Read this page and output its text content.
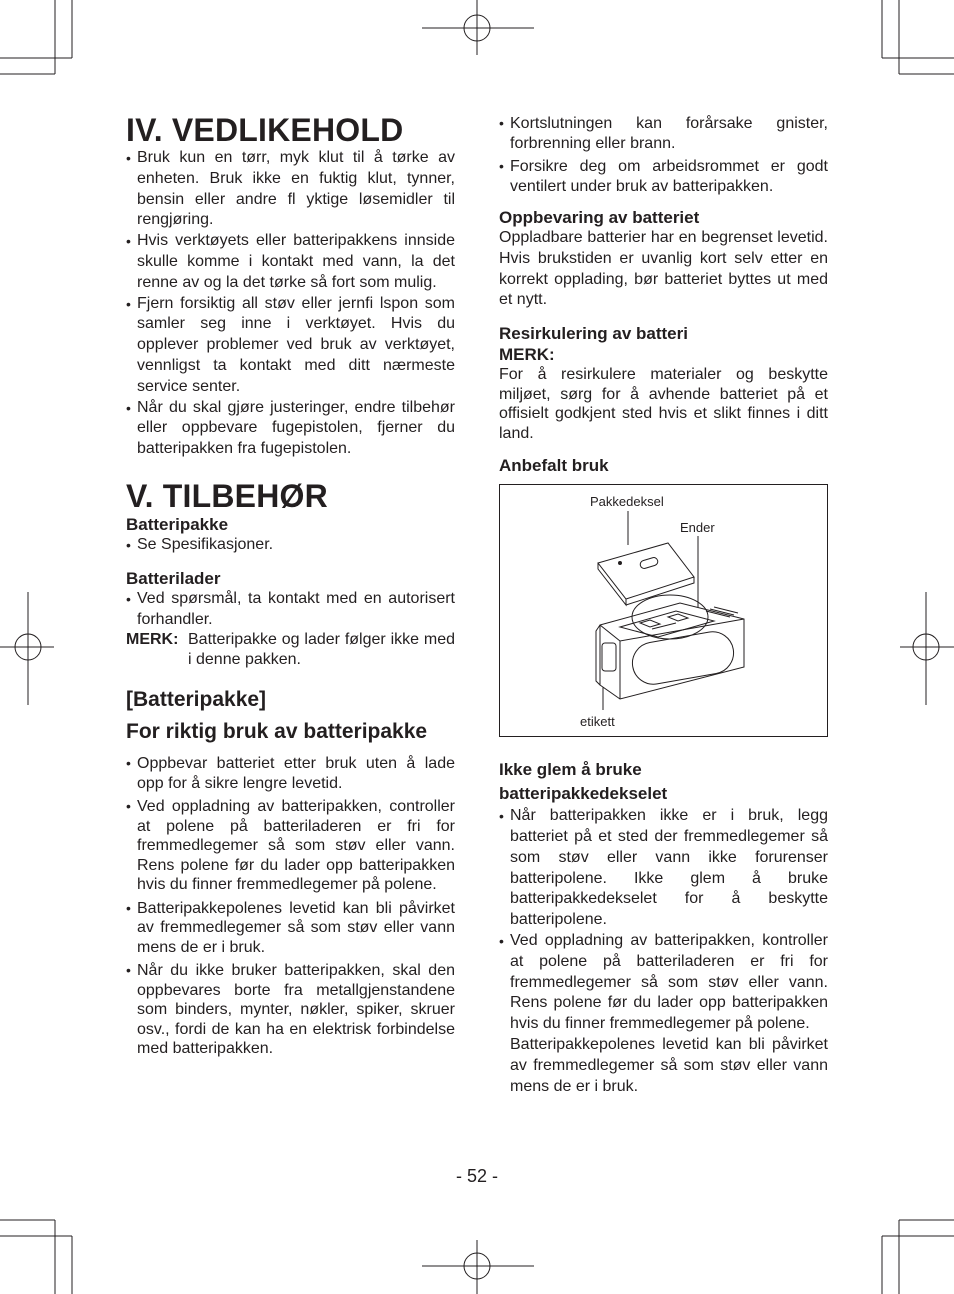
IV. VEDLIKEHOLD
• Bruk kun en tørr, myk klut til å tørke av enheten. Bruk ikke en fuktig klut, tynner, bensin eller andre fl yktige løsemidler til rengjøring.
• Hvis verktøyets eller batteripakkens innside skulle komme i kontakt med vann, la det renne av og la det tørke så fort som mulig.
• Fjern forsiktig all støv eller jernfi lspon som samler seg inne i verktøyet. Hvis du opplever problemer ved bruk av verktøyet, vennligst ta kontakt med ditt nærmeste service senter.
• Når du skal gjøre justeringer, endre tilbehør eller oppbevare fugepistolen, fjerner du batteripakken fra fugepistolen.
V. TILBEHØR
Batteripakke
• Se Spesifikasjoner.
Batterilader
• Ved spørsmål, ta kontakt med en autorisert forhandler.
MERK: Batteripakke og lader følger ikke med i denne pakken.
[Batteripakke]
For riktig bruk av batteripakke
• Oppbevar batteriet etter bruk uten å lade opp for å sikre lengre levetid.
• Ved oppladning av batteripakken, controller at polene på batteriladeren er fri for fremmedlegemer så som støv eller vann. Rens polene før du lader opp batteripakken hvis du finner fremmedlegemer på polene.
• Batteripakkepolenes levetid kan bli påvirket av fremmedlegemer så som støv eller vann mens de er i bruk.
• Når du ikke bruker batteripakken, skal den oppbevares borte fra metallgjenstandene som binders, mynter, nøkler, spiker, skruer osv., fordi de kan ha en elektrisk forbindelse med batteripakken.
• Kortslutningen kan forårsake gnister, forbrenning eller brann.
• Forsikre deg om arbeidsrommet er godt ventilert under bruk av batteripakken.
Oppbevaring av batteriet

Oppladbare batterier har en begrenset levetid. Hvis brukstiden er uvanlig kort selv etter en korrekt opplading, bør batteriet byttes ut med et nytt.

Resirkulering av batteri
MERK:

For å resirkulere materialer og beskytte miljøet, sørg for å avhende batteriet på et offisielt godkjent sted hvis et slikt finnes i ditt land.

Anbefalt bruk
Pakkedeksel
Ender
etikett
Ikke glem å bruke
batteripakkedekselet
• Når batteripakken ikke er i bruk, legg batteriet på et sted der fremmedlegemer så som støv eller vann ikke forurenser batteripolene. Ikke glem å bruke batteripakkedekselet for å beskytte batteripolene.
• Ved oppladning av batteripakken, kontroller at polene på batteriladeren er fri for fremmedlegemer så som støv eller vann. Rens polene før du lader opp batteripakken hvis du finner fremmedlegemer på polene.

Batteripakkepolenes levetid kan bli påvirket av fremmedlegemer så som støv eller vann mens de er i bruk.

- 52 -
